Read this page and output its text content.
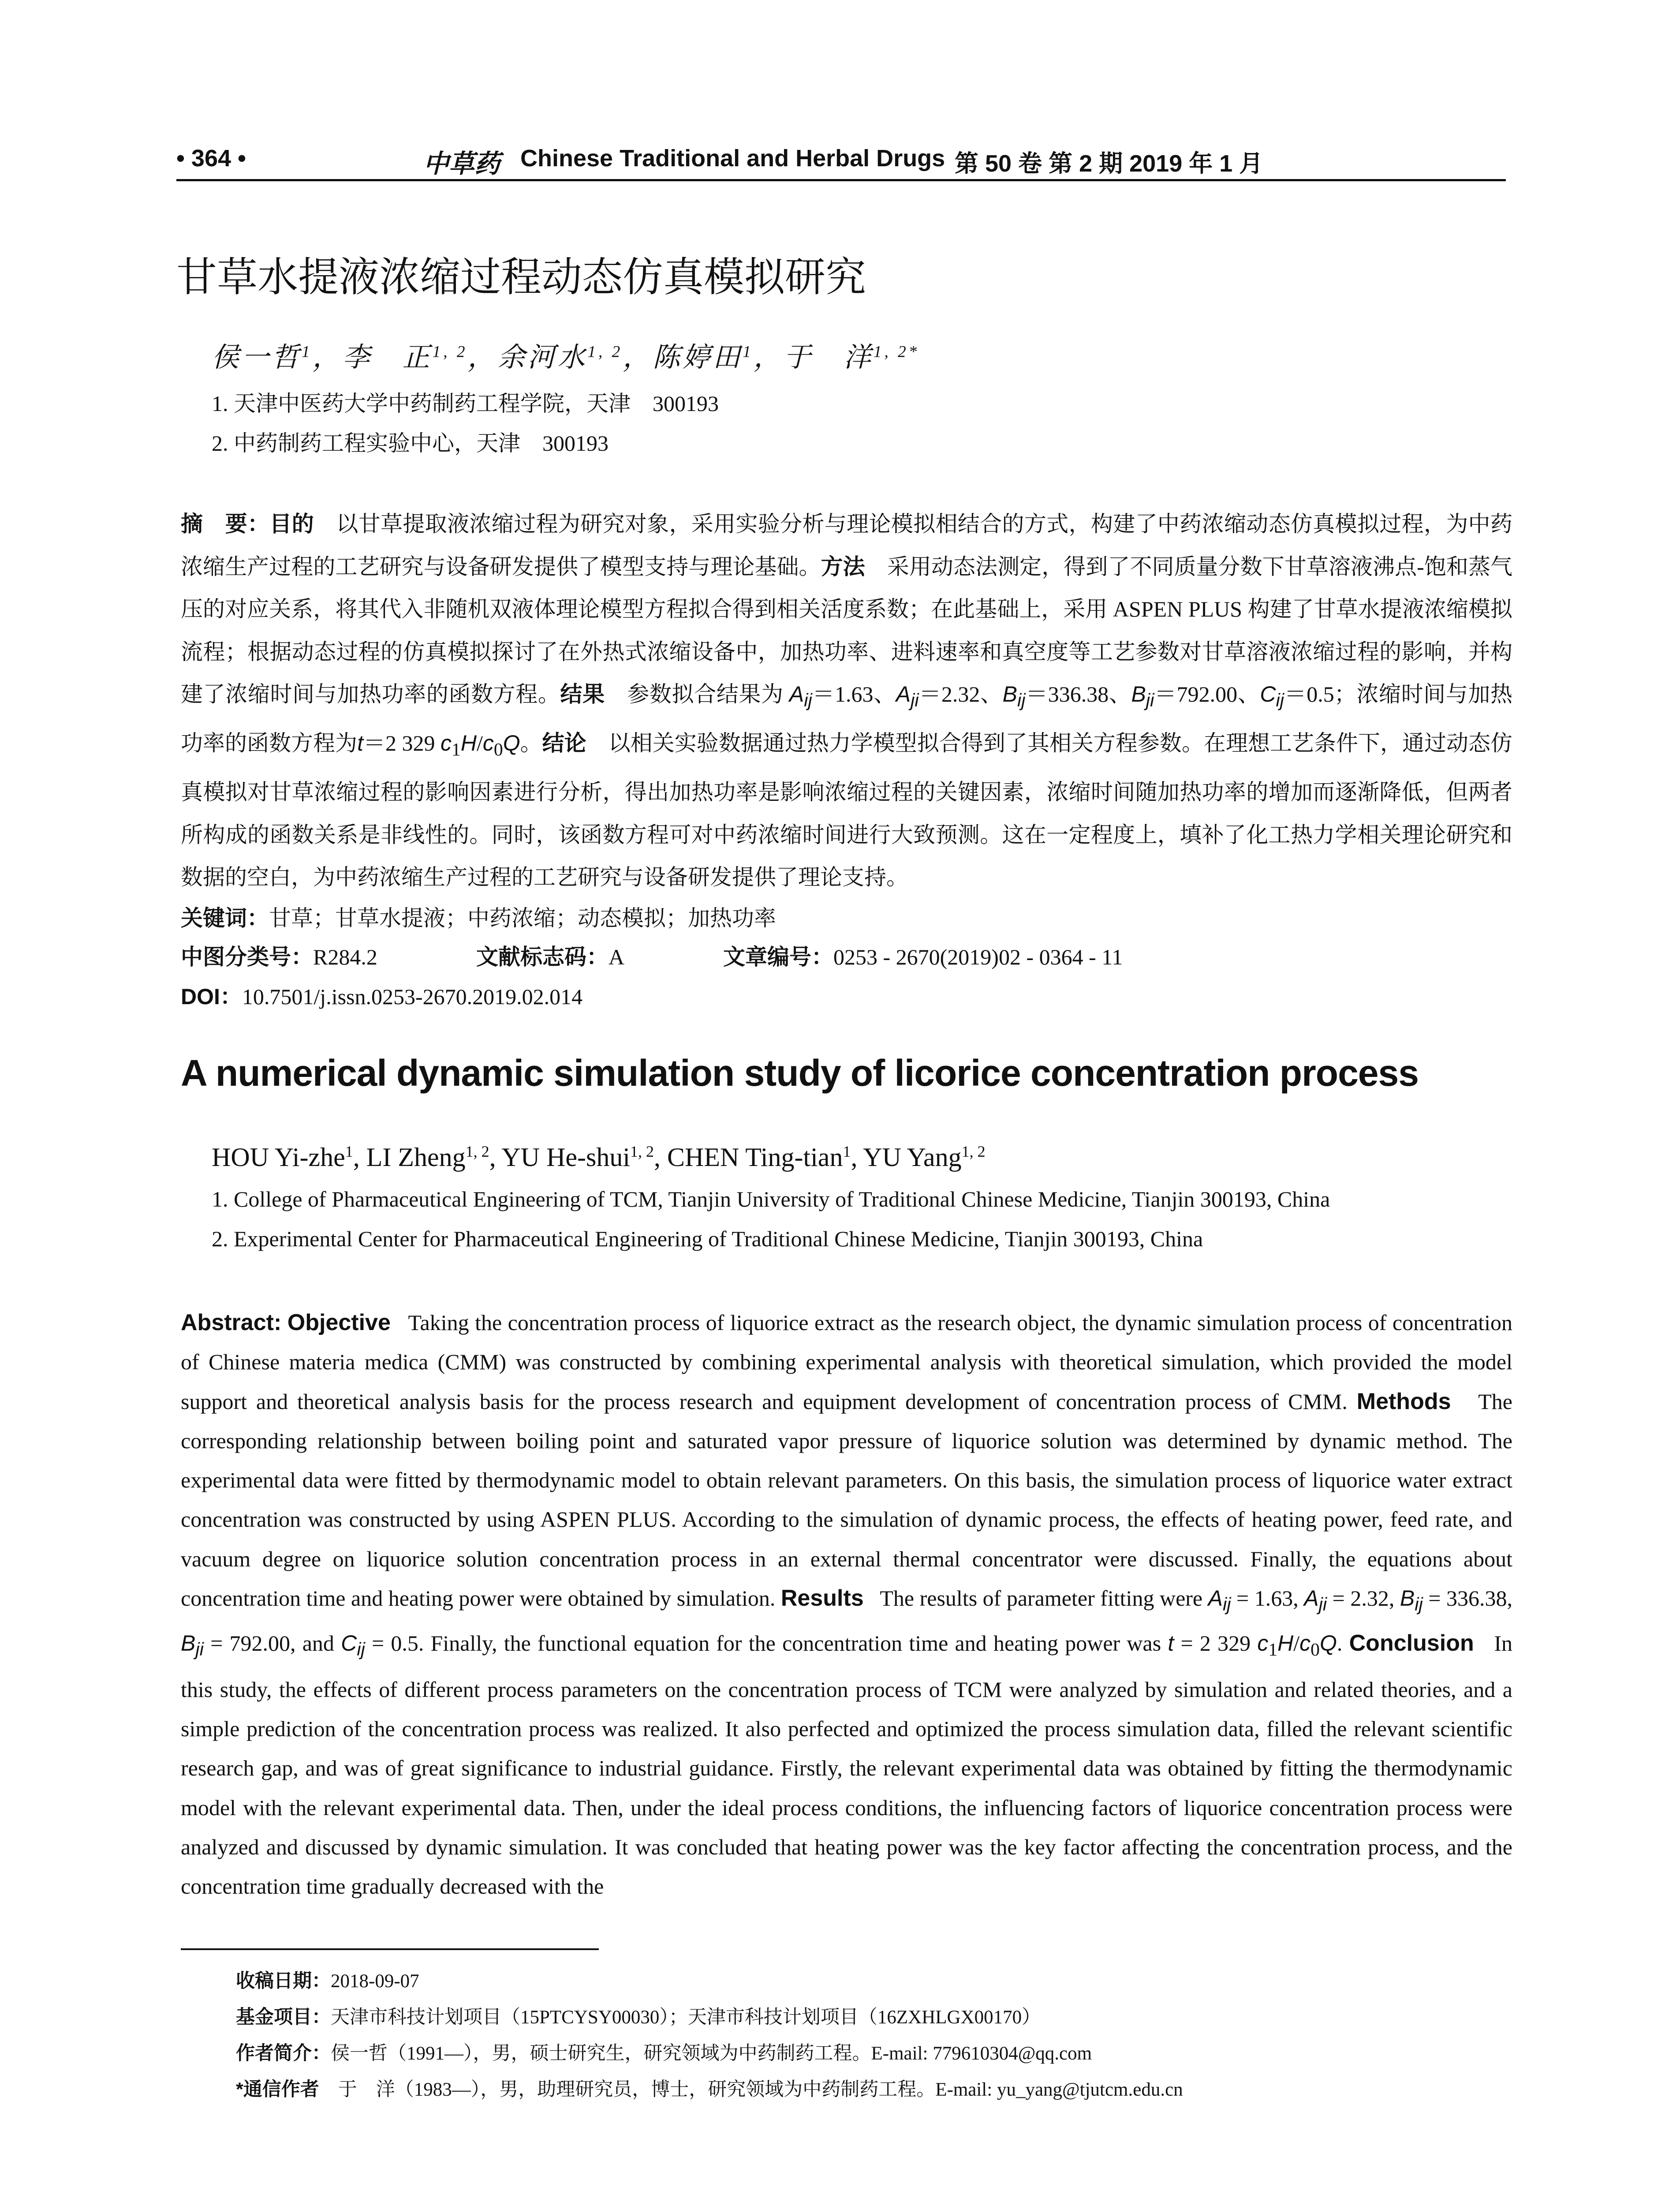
• 364 •	中草药 Chinese Traditional and Herbal Drugs 第 50 卷 第 2 期 2019 年 1 月
甘草水提液浓缩过程动态仿真模拟研究
侯一哲$^1$，李　正$^{1, 2}$，余河水$^{1, 2}$，陈婷田$^1$，于　洋$^{1, 2*}$
1. 天津中医药大学中药制药工程学院，天津　300193
2. 中药制药工程实验中心，天津　300193
摘　要：目的　 以甘草提取液浓缩过程为研究对象，采用实验分析与理论模拟相结合的方式，构建了中药浓缩动态仿真模拟过程，为中药浓缩生产过程的工艺研究与设备研发提供了模型支持与理论基础。方法　 采用动态法测定，得到了不同质量分数下甘草溶液沸点-饱和蒸气压的对应关系，将其代入非随机双液体理论模型方程拟合得到相关活度系数；在此基础上，采用 ASPEN PLUS 构建了甘草水提液浓缩模拟流程；根据动态过程的仿真模拟探讨了在外热式浓缩设备中，加热功率、进料速率和真空度等工艺参数对甘草溶液浓缩过程的影响，并构建了浓缩时间与加热功率的函数方程。结果　 参数拟合结果为 $A_{ij}=1.63$、$A_{ji}=2.32$、$B_{ij}=336.38$、$B_{ji}=792.00$、$C_{ij}=0.5$；浓缩时间与加热功率的函数方程为t＝2 329 $c_1H/c_0Q$。结论　 以相关实验数据通过热力学模型拟合得到了其相关方程参数。在理想工艺条件下，通过动态仿真模拟对甘草浓缩过程的影响因素进行分析，得出加热功率是影响浓缩过程的关键因素，浓缩时间随加热功率的增加而逐渐降低，但两者所构成的函数关系是非线性的。同时，该函数方程可对中药浓缩时间进行大致预测。这在一定程度上，填补了化工热力学相关理论研究和数据的空白，为中药浓缩生产过程的工艺研究与设备研发提供了理论支持。
关键词：甘草；甘草水提液；中药浓缩；动态模拟；加热功率
中图分类号：R284.2	文献标志码：A	文章编号：0253 - 2670(2019)02 - 0364 - 11
DOI：10.7501/j.issn.0253-2670.2019.02.014
A numerical dynamic simulation study of licorice concentration process
HOU Yi-zhe$^1$, LI Zheng$^{1, 2}$, YU He-shui$^{1, 2}$, CHEN Ting-tian$^1$, YU Yang$^{1, 2}$
1. College of Pharmaceutical Engineering of TCM, Tianjin University of Traditional Chinese Medicine, Tianjin 300193, China
2. Experimental Center for Pharmaceutical Engineering of Traditional Chinese Medicine, Tianjin 300193, China
Abstract: Objective Taking the concentration process of liquorice extract as the research object, the dynamic simulation process of concentration of Chinese materia medica (CMM) was constructed by combining experimental analysis with theoretical simulation, which provided the model support and theoretical analysis basis for the process research and equipment development of concentration process of CMM. Methods The corresponding relationship between boiling point and saturated vapor pressure of liquorice solution was determined by dynamic method. The experimental data were fitted by thermodynamic model to obtain relevant parameters. On this basis, the simulation process of liquorice water extract concentration was constructed by using ASPEN PLUS. According to the simulation of dynamic process, the effects of heating power, feed rate, and vacuum degree on liquorice solution concentration process in an external thermal concentrator were discussed. Finally, the equations about concentration time and heating power were obtained by simulation. Results The results of parameter fitting were $A_{ij} = 1.63$, $A_{ji} = 2.32$, $B_{ij} = 336.38$, $B_{ji} = 792.00$, and $C_{ij} = 0.5$. Finally, the functional equation for the concentration time and heating power was t = 2 329 $c_1H/c_0Q$. Conclusion In this study, the effects of different process parameters on the concentration process of TCM were analyzed by simulation and related theories, and a simple prediction of the concentration process was realized. It also perfected and optimized the process simulation data, filled the relevant scientific research gap, and was of great significance to industrial guidance. Firstly, the relevant experimental data was obtained by fitting the thermodynamic model with the relevant experimental data. Then, under the ideal process conditions, the influencing factors of liquorice concentration process were analyzed and discussed by dynamic simulation. It was concluded that heating power was the key factor affecting the concentration process, and the concentration time gradually decreased with the
收稿日期：2018-09-07
基金项目：天津市科技计划项目（15PTCYSY00030）；天津市科技计划项目（16ZXHLGX00170）
作者简介：侯一哲（1991—），男，硕士研究生，研究领域为中药制药工程。E-mail: 779610304@qq.com
*通信作者　 于　洋（1983—），男，助理研究员，博士，研究领域为中药制药工程。E-mail: yu_yang@tjutcm.edu.cn
